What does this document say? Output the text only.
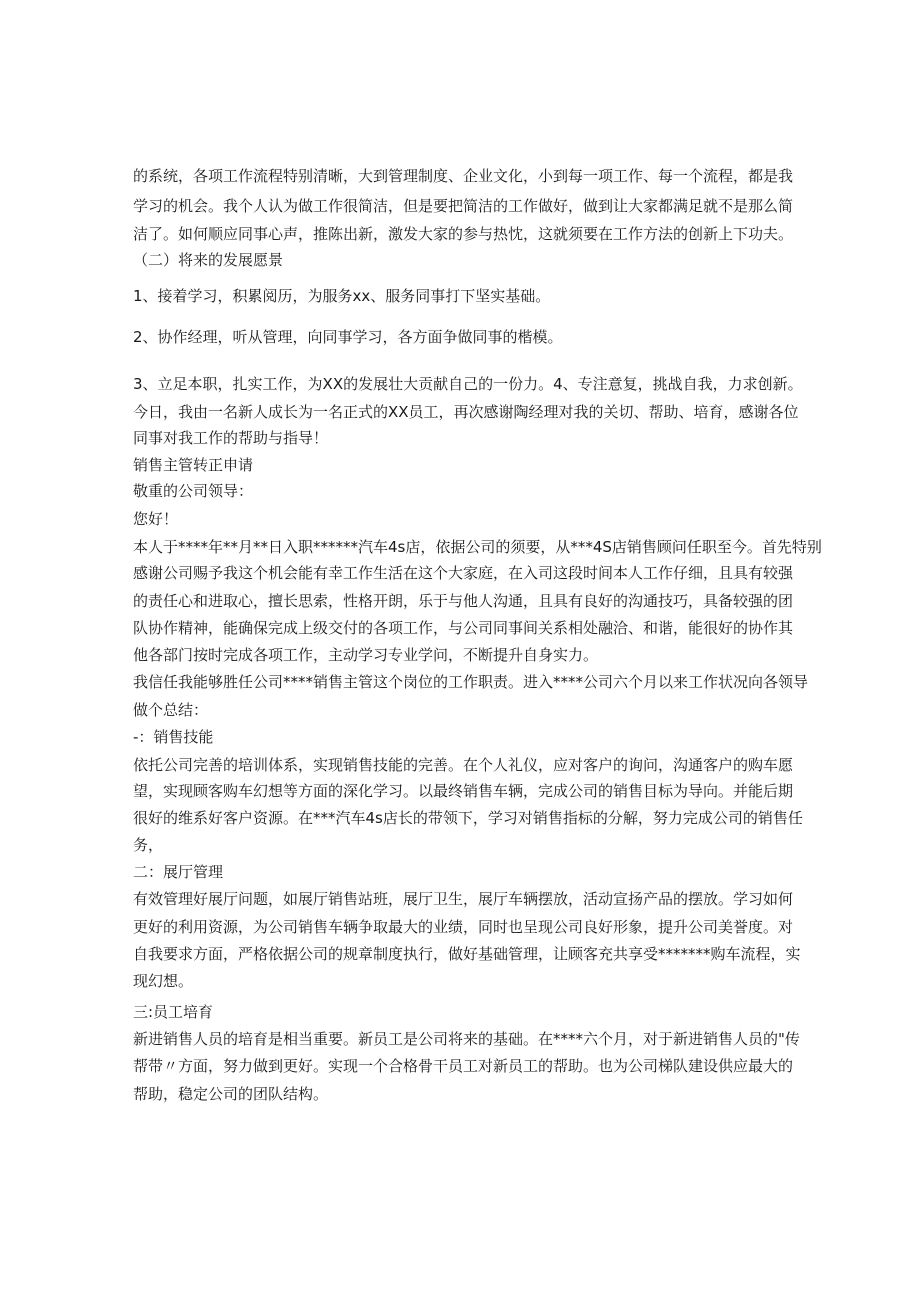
的系统，各项工作流程特别清晰，大到管理制度、企业文化，小到每一项工作、每一个流程，都是我
学习的机会。我个人认为做工作很简洁，但是要把简洁的工作做好，做到让大家都满足就不是那么简
洁了。如何顺应同事心声，推陈出新，激发大家的参与热忱，这就须要在工作方法的创新上下功夫。
（二）将来的发展愿景
1、接着学习，积累阅历，为服务xx、服务同事打下坚实基础。
2、协作经理，听从管理，向同事学习，各方面争做同事的楷模。
3、立足本职，扎实工作，为XX的发展壮大贡献自己的一份力。4、专注意复，挑战自我，力求创新。
今日，我由一名新人成长为一名正式的XX员工，再次感谢陶经理对我的关切、帮助、培育，感谢各位
同事对我工作的帮助与指导！
销售主管转正申请
敬重的公司领导：
您好！
本人于****年**月**日入职******汽车4s店，依据公司的须要，从***4S店销售顾问任职至今。首先特别
感谢公司赐予我这个机会能有幸工作生活在这个大家庭，在入司这段时间本人工作仔细，且具有较强
的责任心和进取心，擅长思索，性格开朗，乐于与他人沟通，且具有良好的沟通技巧，具备较强的团
队协作精神，能确保完成上级交付的各项工作，与公司同事间关系相处融洽、和谐，能很好的协作其
他各部门按时完成各项工作，主动学习专业学问，不断提升自身实力。
我信任我能够胜任公司****销售主管这个岗位的工作职责。进入****公司六个月以来工作状况向各领导
做个总结：
-：销售技能
依托公司完善的培训体系，实现销售技能的完善。在个人礼仪，应对客户的询问，沟通客户的购车愿
望，实现顾客购车幻想等方面的深化学习。以最终销售车辆，完成公司的销售目标为导向。并能后期
很好的维系好客户资源。在***汽车4s店长的带领下，学习对销售指标的分解，努力完成公司的销售任
务，
二：展厅管理
有效管理好展厅问题，如展厅销售站班，展厅卫生，展厅车辆摆放，活动宣扬产品的摆放。学习如何
更好的利用资源，为公司销售车辆争取最大的业绩，同时也呈现公司良好形象，提升公司美誉度。对
自我要求方面，严格依据公司的规章制度执行，做好基础管理，让顾客充共享受*******购车流程，实
现幻想。
三:员工培育
新进销售人员的培育是相当重要。新员工是公司将来的基础。在****六个月，对于新进销售人员的"传
帮带〃方面，努力做到更好。实现一个合格骨干员工对新员工的帮助。也为公司梯队建设供应最大的
帮助，稳定公司的团队结构。
